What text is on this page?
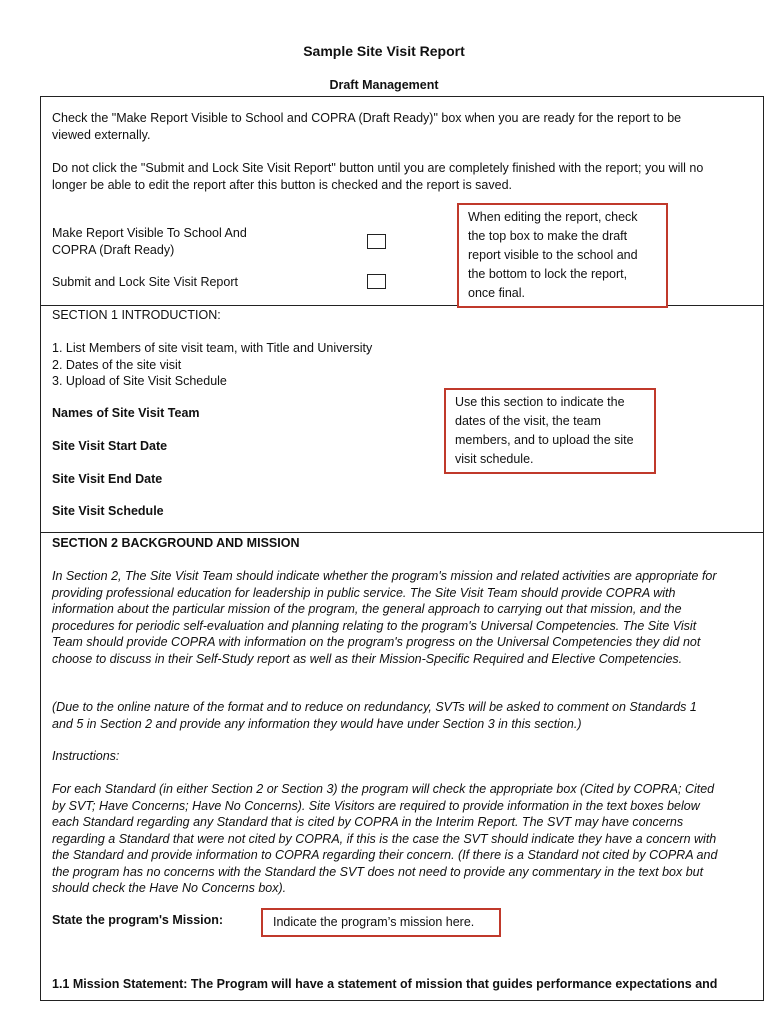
Sample Site Visit Report
Draft Management
Check the "Make Report Visible to School and COPRA (Draft Ready)" box when you are ready for the report to be viewed externally.
Do not click the "Submit and Lock Site Visit Report" button until you are completely finished with the report; you will no longer be able to edit the report after this button is checked and the report is saved.
Make Report Visible To School And COPRA (Draft Ready)
Submit and Lock Site Visit Report
When editing the report, check the top box to make the draft report visible to the school and the bottom to lock the report, once final.
SECTION 1 INTRODUCTION:
1. List Members of site visit team, with Title and University
2. Dates of the site visit
3. Upload of Site Visit Schedule
Names of Site Visit Team
Site Visit Start Date
Site Visit End Date
Site Visit Schedule
Use this section to indicate the dates of the visit, the team members, and to upload the site visit schedule.
SECTION 2 BACKGROUND AND MISSION
In Section 2, The Site Visit Team should indicate whether the program's mission and related activities are appropriate for providing professional education for leadership in public service. The Site Visit Team should provide COPRA with information about the particular mission of the program, the general approach to carrying out that mission, and the procedures for periodic self-evaluation and planning relating to the program's Universal Competencies. The Site Visit Team should provide COPRA with information on the program's progress on the Universal Competencies they did not choose to discuss in their Self-Study report as well as their Mission-Specific Required and Elective Competencies.
(Due to the online nature of the format and to reduce on redundancy, SVTs will be asked to comment on Standards 1 and 5 in Section 2 and provide any information they would have under Section 3 in this section.)
Instructions:
For each Standard (in either Section 2 or Section 3) the program will check the appropriate box (Cited by COPRA; Cited by SVT; Have Concerns; Have No Concerns). Site Visitors are required to provide information in the text boxes below each Standard regarding any Standard that is cited by COPRA in the Interim Report. The SVT may have concerns regarding a Standard that were not cited by COPRA, if this is the case the SVT should indicate they have a concern with the Standard and provide information to COPRA regarding their concern. (If there is a Standard not cited by COPRA and the program has no concerns with the Standard the SVT does not need to provide any commentary in the text box but should check the Have No Concerns box).
State the program's Mission:	Indicate the program’s mission here.
1.1 Mission Statement: The Program will have a statement of mission that guides performance expectations and
